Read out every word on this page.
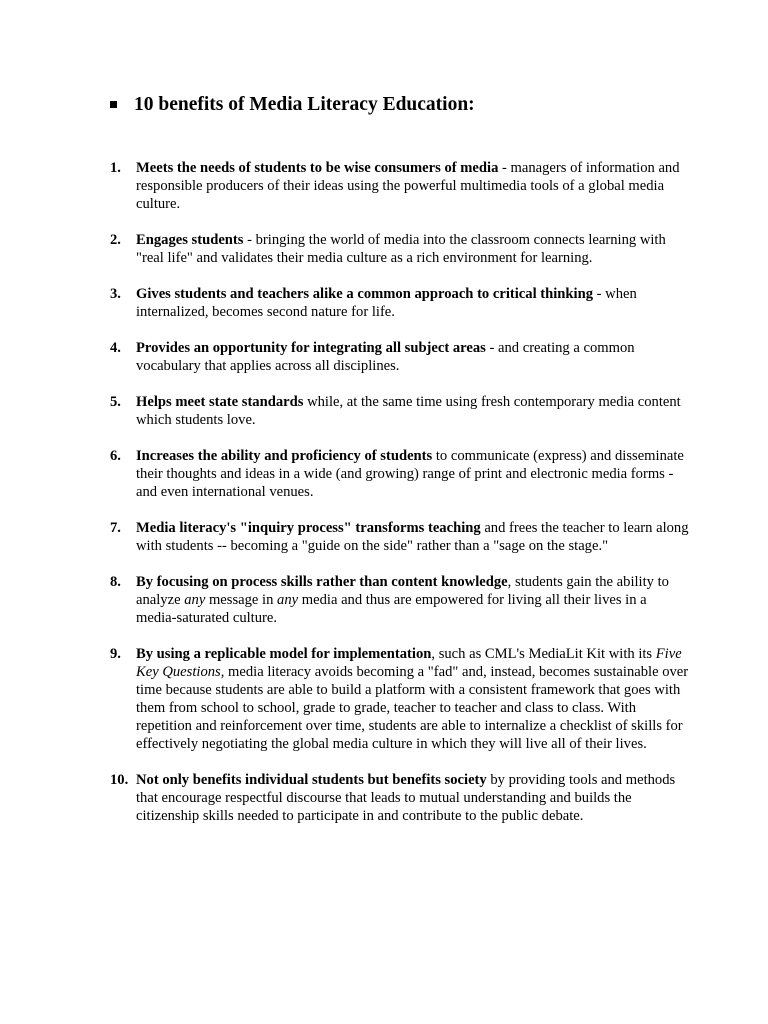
10 benefits of Media Literacy Education:
1. Meets the needs of students to be wise consumers of media - managers of information and responsible producers of their ideas using the powerful multimedia tools of a global media culture.
2. Engages students - bringing the world of media into the classroom connects learning with "real life" and validates their media culture as a rich environment for learning.
3. Gives students and teachers alike a common approach to critical thinking - when internalized, becomes second nature for life.
4. Provides an opportunity for integrating all subject areas - and creating a common vocabulary that applies across all disciplines.
5. Helps meet state standards while, at the same time using fresh contemporary media content which students love.
6. Increases the ability and proficiency of students to communicate (express) and disseminate their thoughts and ideas in a wide (and growing) range of print and electronic media forms - and even international venues.
7. Media literacy's "inquiry process" transforms teaching and frees the teacher to learn along with students -- becoming a "guide on the side" rather than a "sage on the stage."
8. By focusing on process skills rather than content knowledge, students gain the ability to analyze any message in any media and thus are empowered for living all their lives in a media-saturated culture.
9. By using a replicable model for implementation, such as CML's MediaLit Kit with its Five Key Questions, media literacy avoids becoming a "fad" and, instead, becomes sustainable over time because students are able to build a platform with a consistent framework that goes with them from school to school, grade to grade, teacher to teacher and class to class. With repetition and reinforcement over time, students are able to internalize a checklist of skills for effectively negotiating the global media culture in which they will live all of their lives.
10. Not only benefits individual students but benefits society by providing tools and methods that encourage respectful discourse that leads to mutual understanding and builds the citizenship skills needed to participate in and contribute to the public debate.
